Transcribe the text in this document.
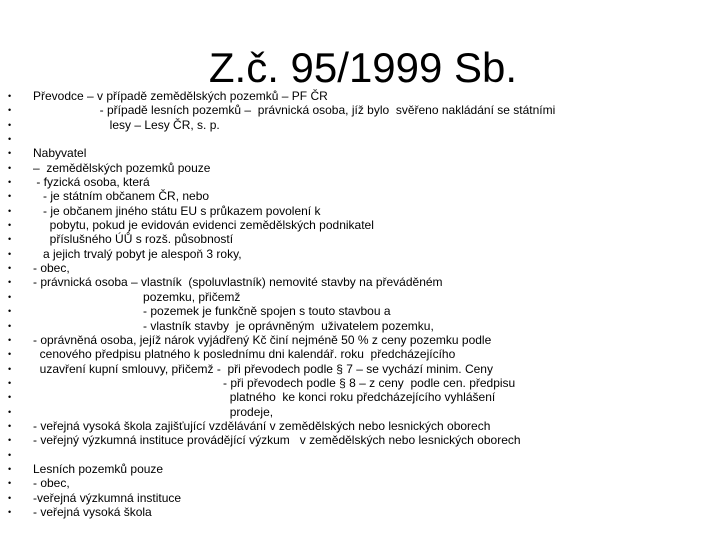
Z.č. 95/1999 Sb.
•	Převodce – v případě zemědělských pozemků – PF ČR
•	- případě lesních pozemků –  právnická osoba, jíž bylo  svěřeno nakládání se státními
•	lesy – Lesy ČR, s. p.
•
•	Nabyvatel
•	–  zemědělských pozemků pouze
•	- fyzická osoba, která
•	- je státním občanem ČR, nebo
•	- je občanem jiného státu EU s průkazem povolení k
•	pobytu, pokud je evidován evidenci zemědělských podnikatel
•	příslušného ÚŮ s rozš. působností
•	a jejich trvalý pobyt je alespoň 3 roky,
•	- obec,
•	- právnická osoba – vlastník  (spoluvlastník) nemovité stavby na převáděném
•	pozemku, přičemž
•	- pozemek je funkčně spojen s touto stavbou a
•	- vlastník stavby  je oprávněným  uživatelem pozemku,
•	- oprávněná osoba, jejíž nárok vyjádřený Kč činí nejméně 50 % z ceny pozemku podle
•	cenového předpisu platného k poslednímu dni kalendář. roku  předcházejícího
•	uzavření kupní smlouvy, přičemž -  při převodech podle § 7 – se vychází minim. Ceny
•	- při převodech podle § 8 – z ceny  podle cen. předpisu
•	platného  ke konci roku předcházejícího vyhlášení
•	prodeje,
•	- veřejná vysoká škola zajišťující vzdělávání v zemědělských nebo lesnických oborech
•	- veřejný výzkumná instituce provádějící výzkum   v zemědělských nebo lesnických oborech
•
•	Lesních pozemků pouze
•	- obec,
•	-veřejná výzkumná instituce
•	- veřejná vysoká škola
